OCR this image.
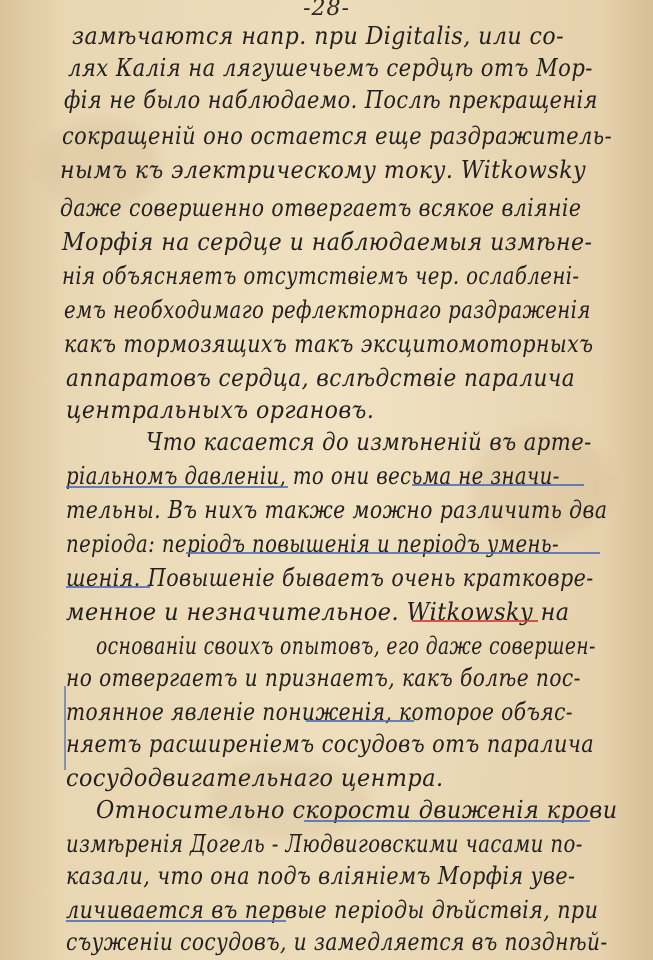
-28-
замѣчаются напр. при Digitalis, или со-
лях Калія на лягушечьемъ сердцѣ отъ Мор-
фія не было наблюдаемо. Послѣ прекращенія
сокращеній оно остается еще раздражитель-
нымъ къ электрическому току. Witkowsky
даже совершенно отвергаетъ всякое вліяніе
Морфія на сердце и наблюдаемыя измѣне-
нія объясняетъ отсутствіемъ чер. ослаблені-
емъ необходимаго рефлекторнаго раздраженія
какъ тормозящихъ такъ эксцитомоторныхъ
аппаратовъ сердца, вслѣдствіе паралича
центральныхъ органовъ.
Что касается до измѣненій въ арте-
ріальномъ давленіи, то они весьма не значи-
тельны. Въ нихъ также можно различить два
періода: періодъ повышенія и періодъ умень-
шенія. Повышеніе бываетъ очень кратковре-
менное и незначительное. Witkowsky на
основаніи своихъ опытовъ, его даже совершен-
но отвергаетъ и признаетъ, какъ болѣе пос-
тоянное явленіе пониженія, которое объяс-
няетъ расширеніемъ сосудовъ отъ паралича
сосудодвигательнаго центра.
Относительно скорости движенія крови
измѣренія Догель - Людвиговскими часами по-
казали, что она подъ вліяніемъ Морфія уве-
личивается въ первые періоды дѣйствія, при
съуженіи сосудовъ, и замедляется въ позднѣй-
